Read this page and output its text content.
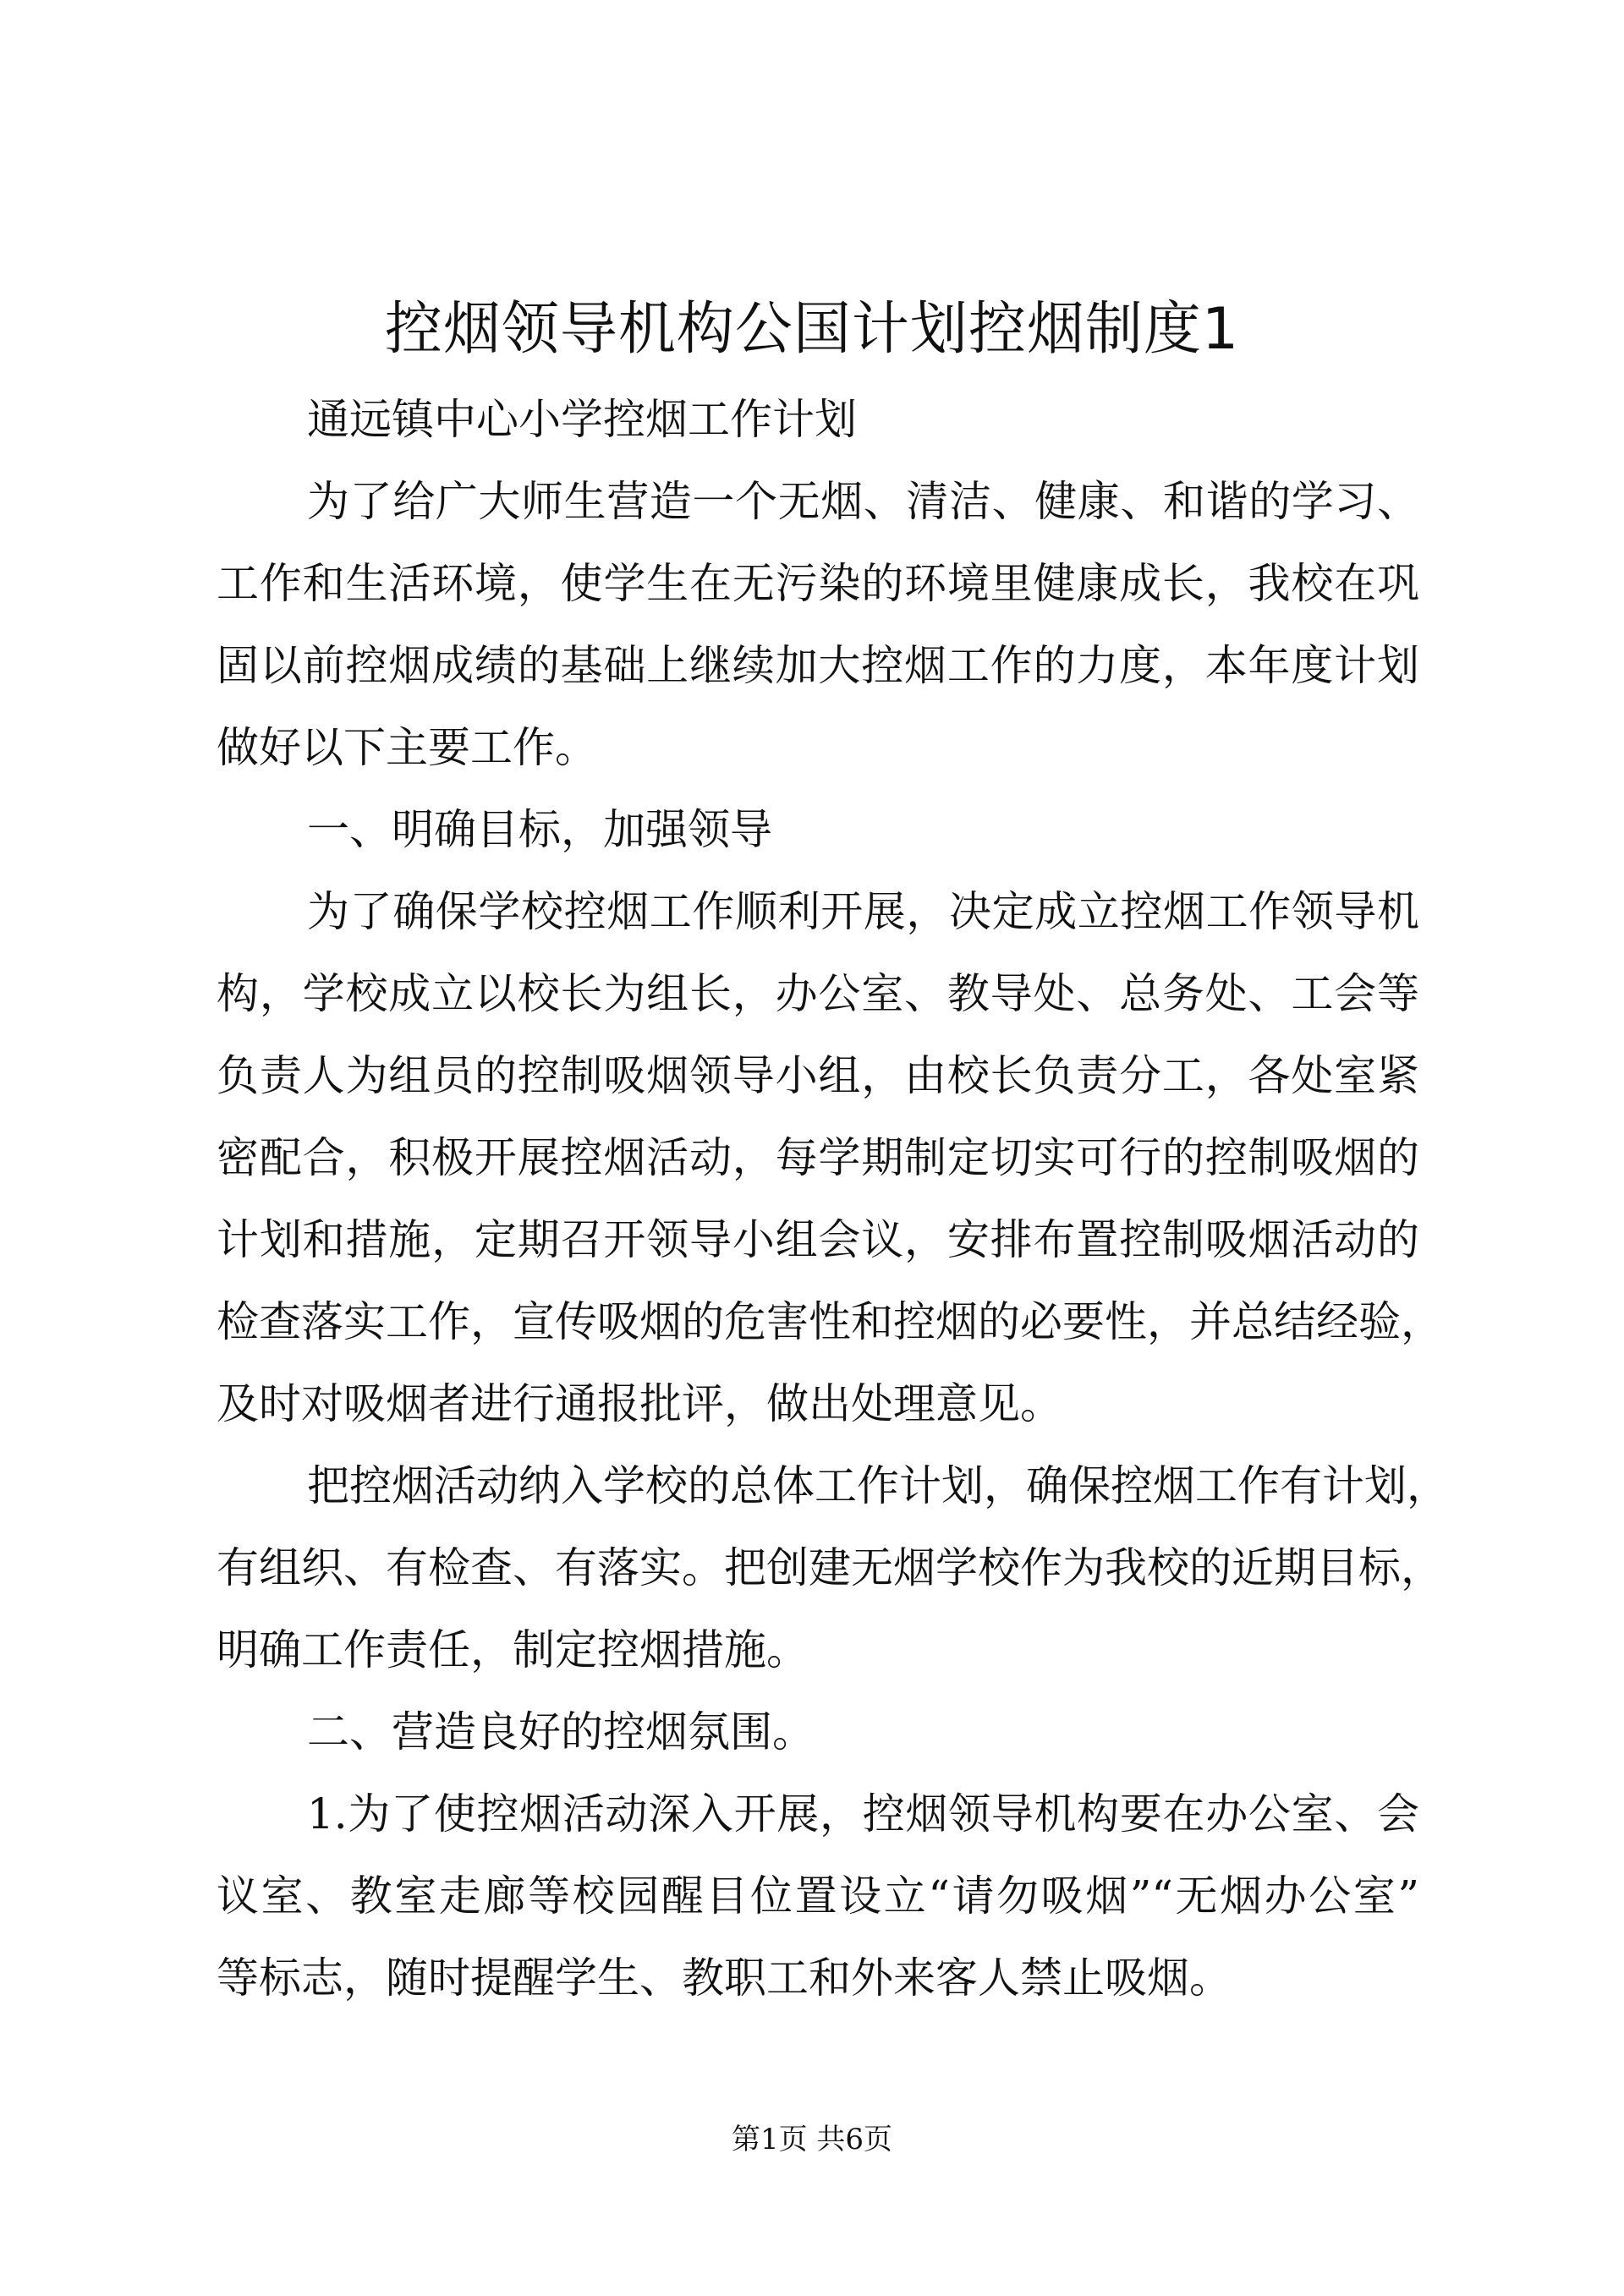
控烟领导机构公国计划控烟制度1
通远镇中心小学控烟工作计划
为了给广大师生营造一个无烟、清洁、健康、和谐的学习、
工作和生活环境，使学生在无污染的环境里健康成长，我校在巩
固以前控烟成绩的基础上继续加大控烟工作的力度，本年度计划
做好以下主要工作。
一、明确目标，加强领导
为了确保学校控烟工作顺利开展，决定成立控烟工作领导机
构，学校成立以校长为组长，办公室、教导处、总务处、工会等
负责人为组员的控制吸烟领导小组，由校长负责分工，各处室紧
密配合，积极开展控烟活动，每学期制定切实可行的控制吸烟的
计划和措施，定期召开领导小组会议，安排布置控制吸烟活动的
检查落实工作，宣传吸烟的危害性和控烟的必要性，并总结经验，
及时对吸烟者进行通报批评，做出处理意见。
把控烟活动纳入学校的总体工作计划，确保控烟工作有计划，
有组织、有检查、有落实。把创建无烟学校作为我校的近期目标，
明确工作责任，制定控烟措施。
二、营造良好的控烟氛围。
1.为了使控烟活动深入开展，控烟领导机构要在办公室、会
议室、教室走廊等校园醒目位置设立“请勿吸烟”“无烟办公室”
等标志，随时提醒学生、教职工和外来客人禁止吸烟。
第1页 共6页
